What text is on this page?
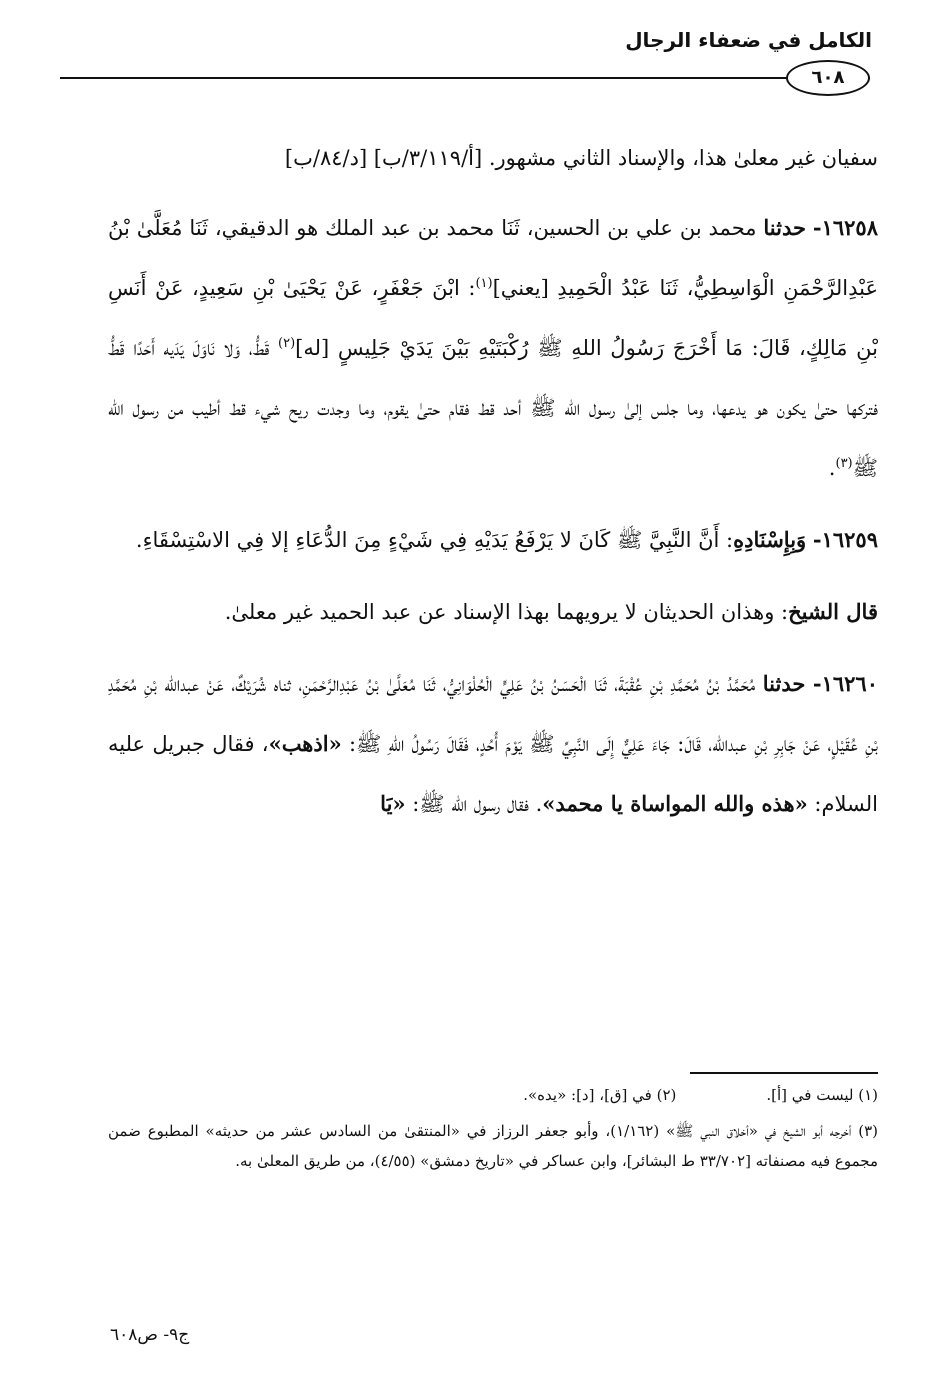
الكامل في ضعفاء الرجال
٦٠٨

سفيان غير معلىٰ هذا، والإسناد الثاني مشهور. [أ/٣/١١٩/ب] [د/٨٤/ب]

١٦٢٥٨- حدثنا محمد بن علي بن الحسين، ثَنَا محمد بن عبد الملك هو الدقيقي، ثَنَا مُعَلَّىٰ بْنُ عَبْدِالرَّحْمَنِ الْوَاسِطِيُّ، ثَنَا عَبْدُ الْحَمِيدِ [يعني]$^{(١)}$: ابْنَ جَعْفَرٍ، عَنْ يَحْيَىٰ بْنِ سَعِيدٍ، عَنْ أَنَسِ بْنِ مَالِكٍ، قَالَ: مَا أَخْرَجَ رَسُولُ اللهِ ﷺ رُكْبَتَيْهِ بَيْنَ يَدَيْ جَلِيسٍ [له]$^{(٢)}$ قَطُّ، وَلا نَاوَلَ يَدَيه أَحَدًا قَطُّ فتركها حتىٰ يكون هو يدعها، وما جلس إلىٰ رسول الله ﷺ أحد قط فقام حتىٰ يقوم، وما وجدت ريح شيء قط أطيب من رسول الله ﷺ$^{(٣)}$.

١٦٢٥٩- وَبِإِسْنَادِهِ: أَنَّ النَّبِيَّ ﷺ كَانَ لا يَرْفَعُ يَدَيْهِ فِي شَيْءٍ مِنَ الدُّعَاءِ إلا فِي الاسْتِسْقَاءِ.

قال الشيخ: وهذان الحديثان لا يرويهما بهذا الإسناد عن عبد الحميد غير معلىٰ.

١٦٢٦٠- حدثنا مُحَمَّدُ بْنُ مُحَمَّدِ بْنِ عُقْبَةَ، ثَنَا الْحَسَنُ بْنُ عَلِيٍّ الْحُلْوَانِيُّ، ثَنَا مُعَلَّىٰ بْنُ عَبْدِالرَّحْمَنِ، ثناه شُرَيْكٌ، عَنْ عبدالله بْنِ مُحَمَّدِ بْنِ عُقَيْلٍ، عَنْ جَابِرِ بْنِ عبدالله، قَالَ: جَاءَ عَلِيٌّ إِلَى النَّبِيِّ ﷺ يَوْمَ أُحُدٍ، فَقَالَ رَسُولُ اللهِ ﷺ: «اذهب»، فقال جبريل عليه السلام: «هذه والله المواساة يا محمد». فقال رسول الله ﷺ: «يَا

(١) ليست في [أ].
(٢) في [ق]، [د]: «يده».
(٣) أخرجه أبو الشيخ في «أخلاق النبي ﷺ» (١/١٦٢)، وأبو جعفر الرزاز في «المنتقىٰ من السادس عشر من حديثه» المطبوع ضمن مجموع فيه مصنفاته [٣٣/٧٠٢ ط البشائر]، وابن عساكر في «تاريخ دمشق» (٤/٥٥)، من طريق المعلىٰ به.
ج٩- ص٦٠٨
